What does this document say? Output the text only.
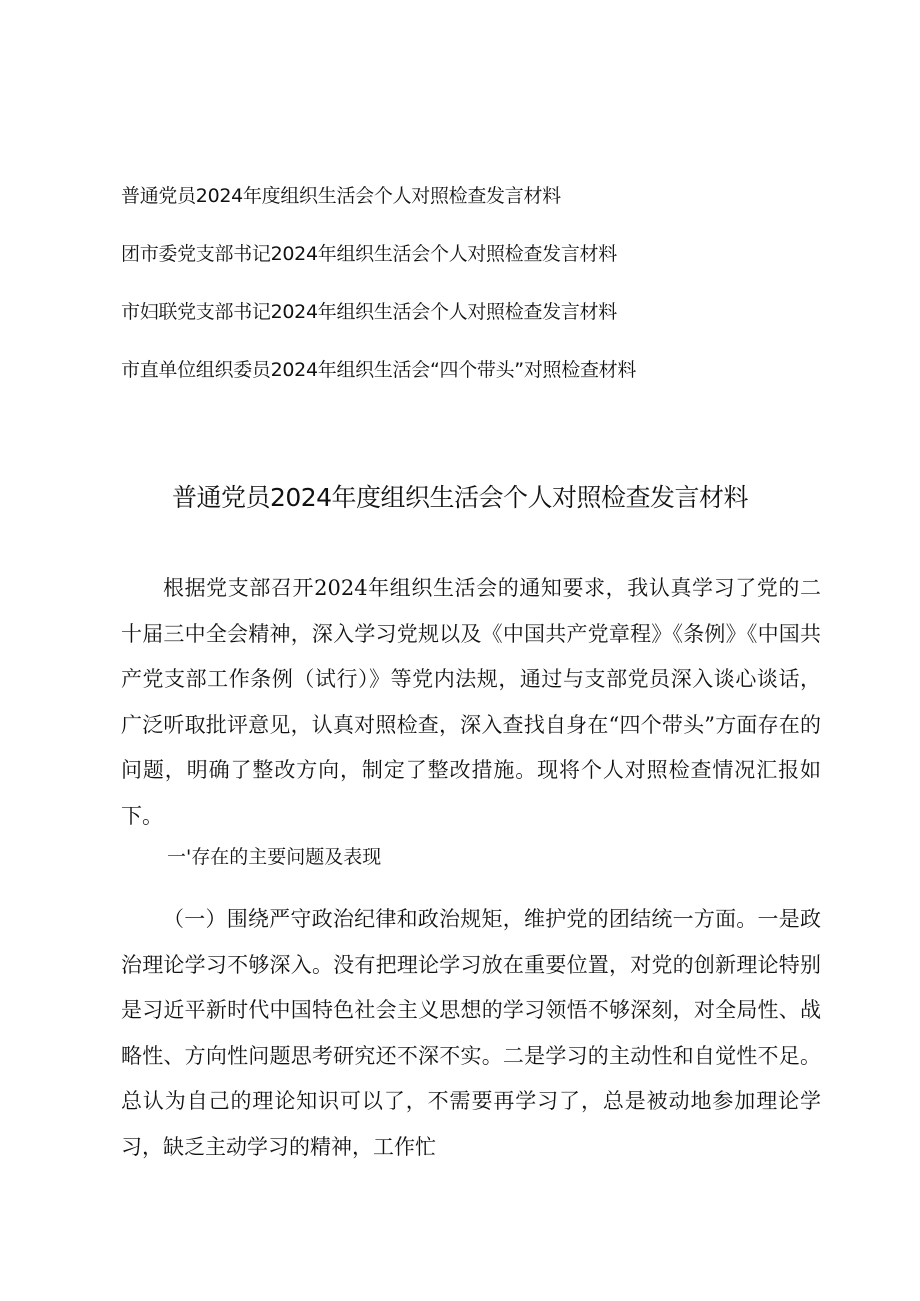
普通党员2024年度组织生活会个人对照检查发言材料
团市委党支部书记2024年组织生活会个人对照检查发言材料
市妇联党支部书记2024年组织生活会个人对照检查发言材料
市直单位组织委员2024年组织生活会“四个带头”对照检查材料
普通党员2024年度组织生活会个人对照检查发言材料
根据党支部召开2024年组织生活会的通知要求，我认真学习了党的二十届三中全会精神，深入学习党规以及《中国共产党章程》《条例》《中国共产党支部工作条例（试行）》等党内法规，通过与支部党员深入谈心谈话，广泛听取批评意见，认真对照检查，深入查找自身在“四个带头”方面存在的问题，明确了整改方向，制定了整改措施。现将个人对照检查情况汇报如下。
一'存在的主要问题及表现
（一）围绕严守政治纪律和政治规矩，维护党的团结统一方面。一是政治理论学习不够深入。没有把理论学习放在重要位置，对党的创新理论特别是习近平新时代中国特色社会主义思想的学习领悟不够深刻，对全局性、战略性、方向性问题思考研究还不深不实。二是学习的主动性和自觉性不足。总认为自己的理论知识可以了，不需要再学习了，总是被动地参加理论学习，缺乏主动学习的精神，工作忙
